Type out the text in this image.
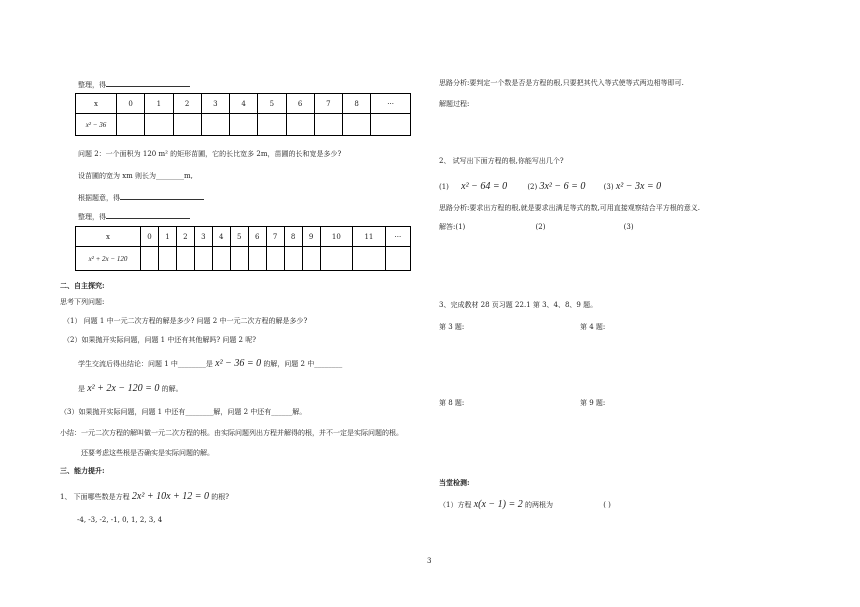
整理，得
x	0	1	2	3	4	5	6	7	8	···
x² − 36										
问题 2：一个面积为 120 m² 的矩形苗圃，它的长比宽多 2m，苗圃的长和宽是多少?
设苗圃的宽为 xm 则长为________m,
根据题意，得
整理，得
x	0	1	2	3	4	5	6	7	8	9	10	11	···
x² + 2x − 120													
二、自主探究:
思考下列问题:
（1） 问题 1 中一元二次方程的解是多少? 问题 2 中一元二次方程的解是多少?
（2）如果抛开实际问题，问题 1 中还有其他解吗? 问题 2 呢?
学生交流后得出结论：问题 1 中________是 x² − 36 = 0 的解，问题 2 中________
是 x² + 2x − 120 = 0 的解。
（3）如果抛开实际问题，问题 1 中还有________解，问题 2 中还有______解。
小结：一元二次方程的解叫做一元二次方程的根。由实际问题列出方程并解得的根，并不一定是实际问题的根。
还要考虑这些根是否确实是实际问题的解。
三、能力提升:
1、 下面哪些数是方程 2x² + 10x + 12 = 0 的根?
-4, -3, -2, -1, 0, 1, 2, 3, 4
思路分析:要判定一个数是否是方程的根,只要把其代入等式使等式两边相等即可.
解题过程:
2、 试写出下面方程的根,你能写出几个?
(1) x² − 64 = 0	(2) 3x² − 6 = 0	(3) x² − 3x = 0
思路分析:要求出方程的根,就是要求出满足等式的数,可用直接观察结合平方根的意义.
解答:(1)	(2)	(3)
3、完成教材 28 页习题 22.1 第 3、4、8、9 题。
第 3 题:	第 4 题:
第 8 题:	第 9 题:
当堂检测:
（1）方程 x(x − 1) = 2 的两根为	( )
3
